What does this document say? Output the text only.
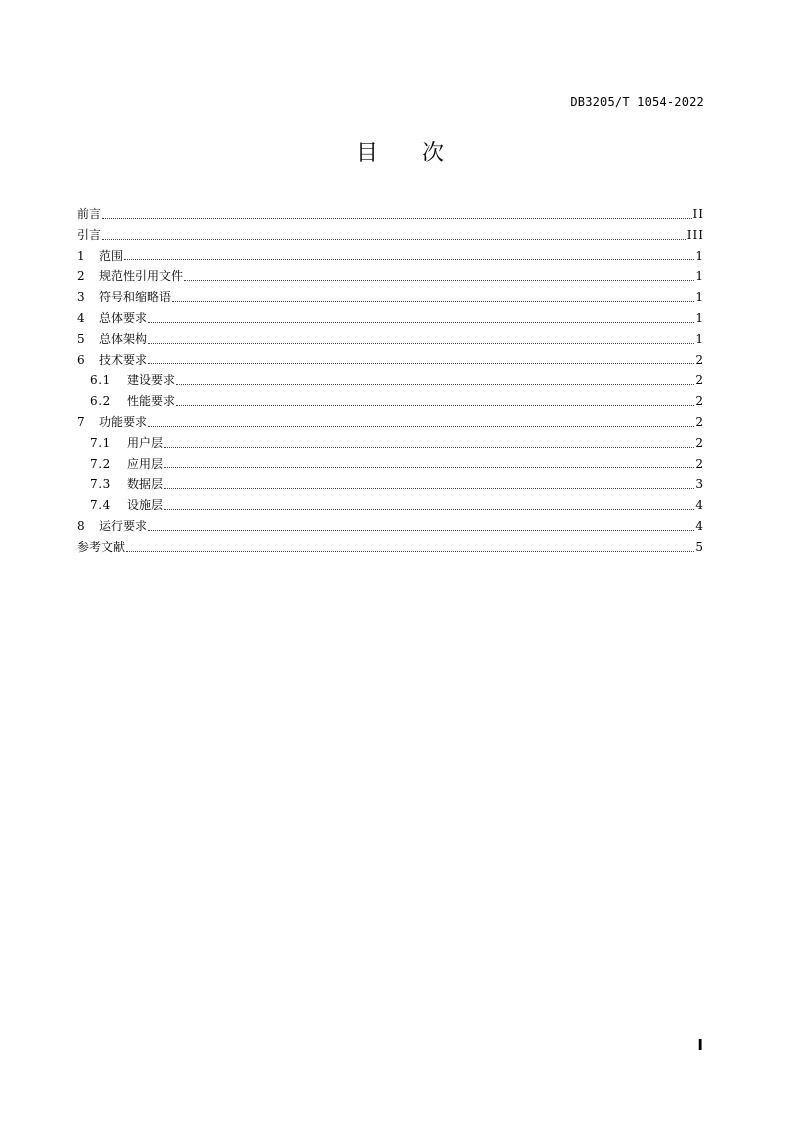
DB3205/T 1054-2022
目 次
前言	II
引言	III
1	范围	1
2	规范性引用文件	1
3	符号和缩略语	1
4	总体要求	1
5	总体架构	1
6	技术要求	2
6.1	建设要求	2
6.2	性能要求	2
7	功能要求	2
7.1	用户层	2
7.2	应用层	2
7.3	数据层	3
7.4	设施层	4
8	运行要求	4
参考文献	5
I
